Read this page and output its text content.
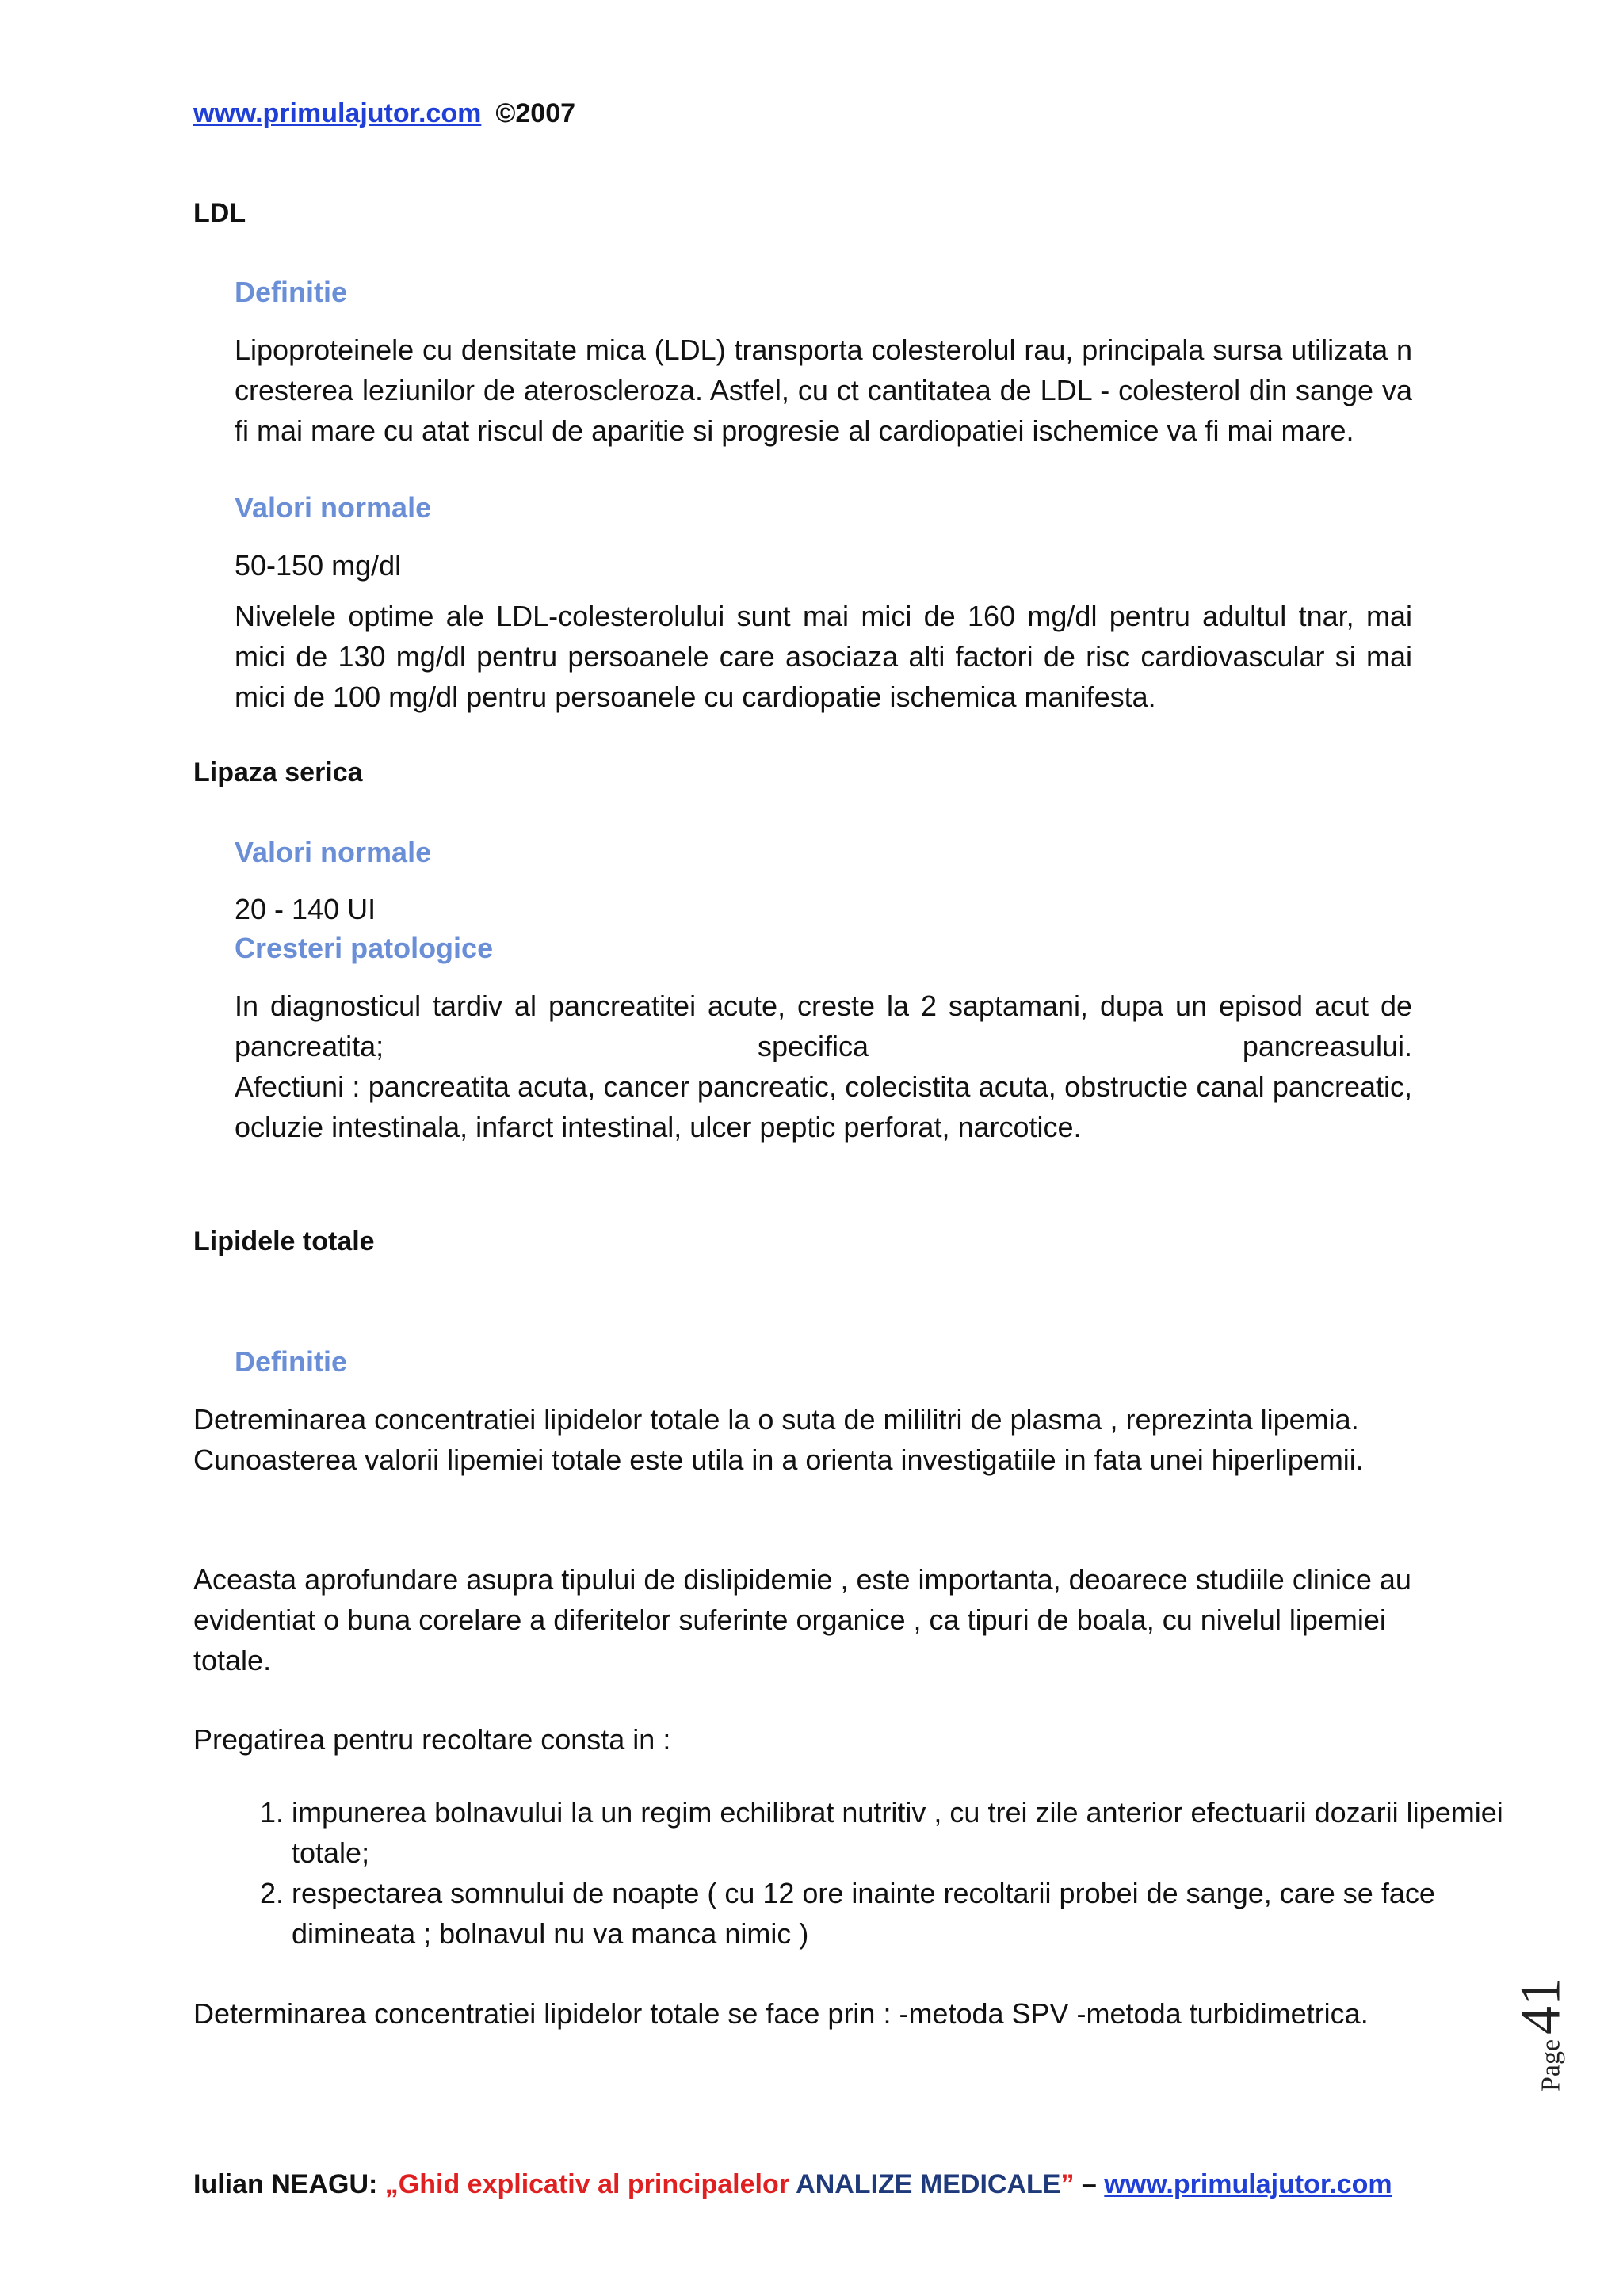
www.primulajutor.com ©2007
LDL
Definitie

Lipoproteinele cu densitate mica (LDL) transporta colesterolul rau, principala sursa utilizata n cresterea leziunilor de ateroscleroza. Astfel, cu ct cantitatea de LDL - colesterol din sange va fi mai mare cu atat riscul de aparitie si progresie al cardiopatiei ischemice va fi mai mare.

Valori normale

50-150 mg/dl

Nivelele optime ale LDL-colesterolului sunt mai mici de 160 mg/dl pentru adultul tnar, mai mici de 130 mg/dl pentru persoanele care asociaza alti factori de risc cardiovascular si mai mici de 100 mg/dl pentru persoanele cu cardiopatie ischemica manifesta.

Lipaza serica
Valori normale

20 - 140 UI

Cresteri patologice

In diagnosticul tardiv al pancreatitei acute, creste la 2 saptamani, dupa un episod acut de pancreatita; specifica pancreasului.

Afectiuni : pancreatita acuta, cancer pancreatic, colecistita acuta, obstructie canal pancreatic, ocluzie intestinala, infarct intestinal, ulcer peptic perforat, narcotice.

Lipidele totale
Definitie

Detreminarea concentratiei lipidelor totale la o suta de mililitri de plasma , reprezinta lipemia. Cunoasterea valorii lipemiei totale este utila in a orienta investigatiile in fata unei hiperlipemii.

Aceasta aprofundare asupra tipului de dislipidemie , este importanta, deoarece studiile clinice au evidentiat o buna corelare a diferitelor suferinte organice , ca tipuri de boala, cu nivelul lipemiei totale.

Pregatirea pentru recoltare consta in :

1. impunerea bolnavului la un regim echilibrat nutritiv , cu trei zile anterior efectuarii dozarii lipemiei totale;
2. respectarea somnului de noapte ( cu 12 ore inainte recoltarii probei de sange, care se face dimineata ; bolnavul nu va manca nimic )

Determinarea concentratiei lipidelor totale se face prin : -metoda SPV -metoda turbidimetrica.

Page41
Iulian NEAGU: „Ghid explicativ al principalelor ANALIZE MEDICALE” – www.primulajutor.com
